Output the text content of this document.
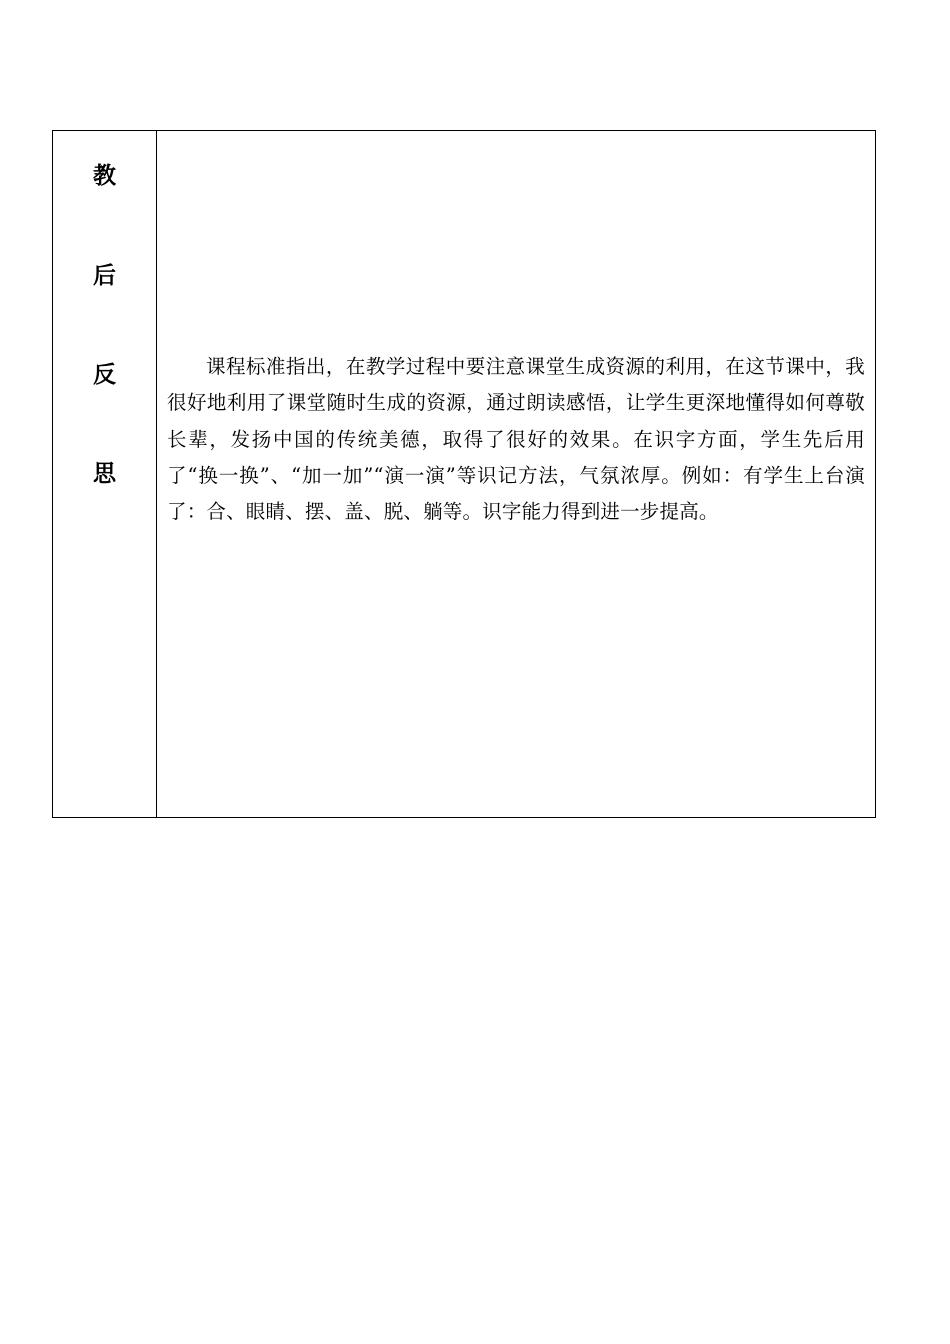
教
后
反
思

课程标准指出，在教学过程中要注意课堂生成资源的利用，在这节课中，我很好地利用了课堂随时生成的资源，通过朗读感悟，让学生更深地懂得如何尊敬长辈，发扬中国的传统美德，取得了很好的效果。在识字方面，学生先后用了“换一换”、“加一加”“演一演”等识记方法，气氛浓厚。例如：有学生上台演了：合、眼睛、摆、盖、脱、躺等。识字能力得到进一步提高。
